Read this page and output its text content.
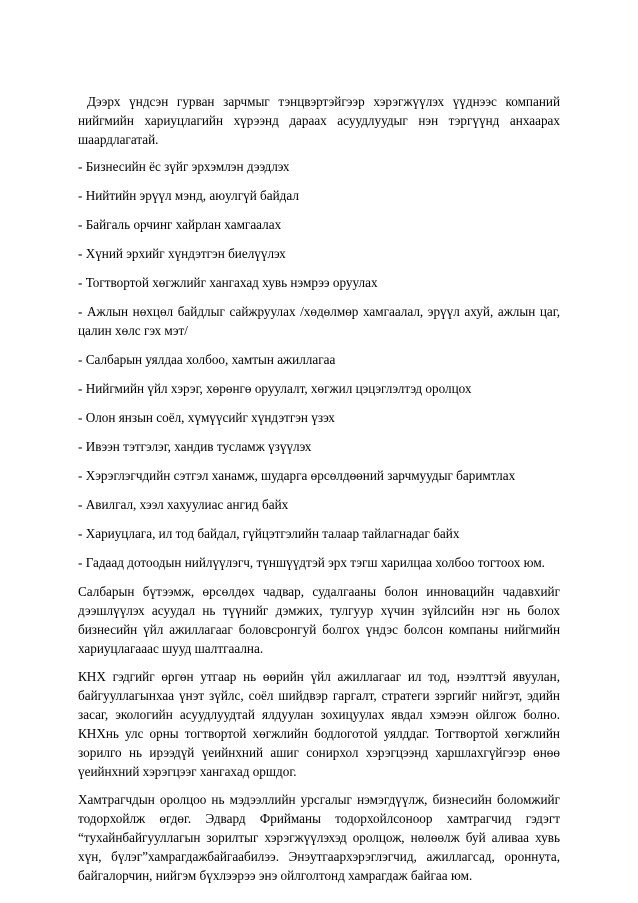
Дээрх үндсэн гурван зарчмыг тэнцвэртэйгээр хэрэгжүүлэх үүднээс компаний нийгмийн хариуцлагийн хүрээнд дараах асуудлуудыг нэн тэргүүнд анхаарах шаардлагатай.

- Бизнесийн ёс зүйг эрхэмлэн дээдлэх

- Нийтийн эрүүл мэнд, аюулгүй байдал

- Байгаль орчинг хайрлан хамгаалах

- Хүний эрхийг хүндэтгэн биелүүлэх

- Тогтвортой хөгжлийг хангахад хувь нэмрээ оруулах

- Ажлын нөхцөл байдлыг сайжруулах /хөдөлмөр хамгаалал, эрүүл ахуй, ажлын цаг, цалин хөлс гэх мэт/

- Салбарын уялдаа холбоо, хамтын ажиллагаа

- Нийгмийн үйл хэрэг, хөрөнгө оруулалт, хөгжил цэцэглэлтэд оролцох

- Олон янзын соёл, хүмүүсийг хүндэтгэн үзэх

- Ивээн тэтгэлэг, хандив тусламж үзүүлэх

- Хэрэглэгчдийн сэтгэл ханамж, шударга өрсөлдөөний зарчмуудыг баримтлах

- Авилгал, хээл хахуулиас ангид байх

- Хариуцлага, ил тод байдал, гүйцэтгэлийн талаар тайлагнадаг байх

- Гадаад дотоодын нийлүүлэгч, түншүүдтэй эрх тэгш харилцаа холбоо тогтоох юм.

Салбарын бүтээмж, өрсөлдөх чадвар, судалгааны болон инновацийн чадавхийг дээшлүүлэх асуудал нь түүнийг дэмжих, тулгуур хүчин зүйлсийн нэг нь болох бизнесийн үйл ажиллагааг боловсронгуй болгох үндэс болсон компаны нийгмийн хариуцлагааас шууд шалтгаална.

КНХ гэдгийг өргөн утгаар нь өөрийн үйл ажиллагааг ил тод, нээлттэй явуулан, байгууллагынхаа үнэт зүйлс, соёл шийдвэр гаргалт, стратеги зэргийг нийгэт, эдийн засаг, экологийн асуудлуудтай ялдуулан зохицуулах явдал хэмээн ойлгож болно. КНХнь улс орны тогтвортой хөгжлийн бодлоготой уялддаг. Тогтвортой хөгжлийн зорилго нь ирээдүй үеийнхний ашиг сонирхол хэрэгцээнд харшлахгүйгээр өнөө үеийнхний хэрэгцээг хангахад оршдог.

Хамтрагчдын оролцоо нь мэдээллийн урсгалыг нэмэгдүүлж, бизнесийн боломжийг тодорхойлж өгдөг. Эдвард Фрийманы тодорхойлсоноор хамтрагчид гэдэгт “тухайнбайгууллагын зорилтыг хэрэгжүүлэхэд оролцож, нөлөөлж буй аливаа хувь хүн, бүлэг”хамрагдажбайгаабилээ. Энэутгаархэрэглэгчид, ажиллагсад, ороннута, байгалорчин, нийгэм бүхлээрээ энэ ойлголтонд хамрагдаж байгаа юм.
